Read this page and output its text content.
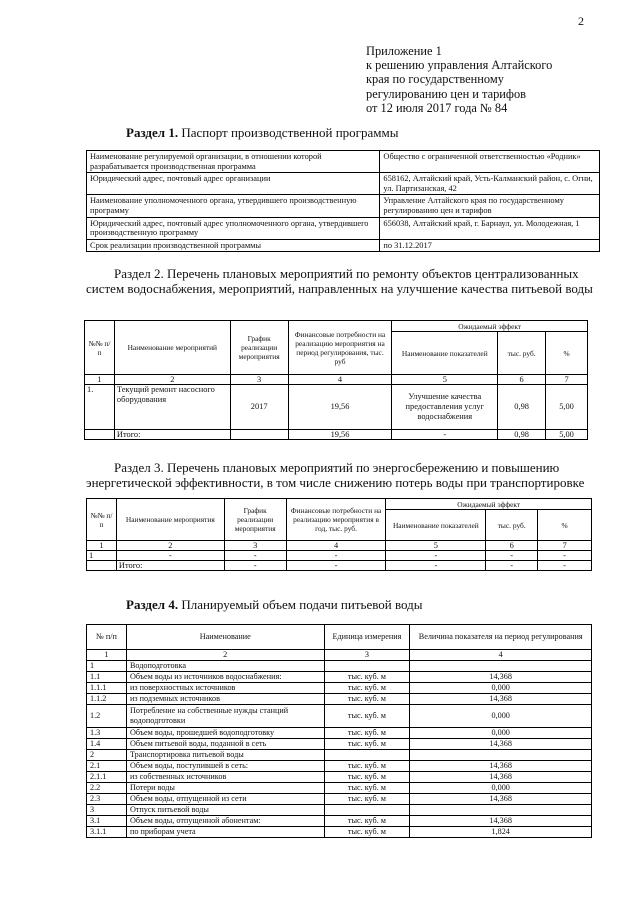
2
Приложение 1
к решению управления Алтайского
края по государственному
регулированию цен и тарифов
от 12 июля 2017 года № 84
Раздел 1. Паспорт производственной программы
Наименование регулируемой организации, в отношении которой разрабатывается производственная программа	Общество с ограниченной ответственностью «Родник»
Юридический адрес, почтовый адрес организации	658162, Алтайский край, Усть-Калманский район, с. Огни, ул. Партизанская, 42
Наименование уполномоченного органа, утвердившего производственную программу	Управление Алтайского края по государственному регулированию цен и тарифов
Юридический адрес, почтовый адрес уполномоченного органа, утвердившего производственную программу	656038, Алтайский край, г. Барнаул, ул. Молодежная, 1
Срок реализации производственной программы	по 31.12.2017
Раздел 2. Перечень плановых мероприятий по ремонту объектов централизованных систем водоснабжения, мероприятий, направленных на улучшение качества питьевой воды
№№ п/п	Наименование мероприятий	График реализации мероприятия	Финансовые потребности на реализацию мероприятия на период регулирования, тыс. руб	Ожидаемый эффект		
				Наименование показателей	тыс. руб.	%
1	2	3	4	5	6	7
1.	Текущий ремонт насосного оборудования	2017	19,56	Улучшение качества предоставления услуг водоснабжения	0,98	5,00
	Итого:		19,56	-	0,98	5,00
Раздел 3. Перечень плановых мероприятий по энергосбережению и повышению энергетической эффективности, в том числе снижению потерь воды при транспортировке
№№ п/п	Наименование мероприятия	График реализации мероприятия	Финансовые потребности на реализацию мероприятия в год, тыс. руб.	Ожидаемый эффект		
				Наименование показателей	тыс. руб.	%
1	2	3	4	5	6	7
1	-	-	-	-	-	-
	Итого:	-	-	-	-	-
Раздел 4. Планируемый объем подачи питьевой воды
№ п/п	Наименование	Единица измерения	Величина показателя на период регулирования
1	2	3	4
1	Водоподготовка		
1.1	Объем воды из источников водоснабжения:	тыс. куб. м	14,368
1.1.1	из поверхностных источников	тыс. куб. м	0,000
1.1.2	из подземных источников	тыс. куб. м	14,368
1.2	Потребление на собственные нужды станций водоподготовки	тыс. куб. м	0,000
1.3	Объем воды, прошедшей водоподготовку	тыс. куб. м	0,000
1.4	Объем питьевой воды, поданной в сеть	тыс. куб. м	14,368
2	Транспортировка питьевой воды		
2.1	Объем воды, поступившей в сеть:	тыс. куб. м	14,368
2.1.1	из собственных источников	тыс. куб. м	14,368
2.2	Потери воды	тыс. куб. м	0,000
2.3	Объем воды, отпущенной из сети	тыс. куб. м	14,368
3	Отпуск питьевой воды		
3.1	Объем воды, отпущенной абонентам:	тыс. куб. м	14,368
3.1.1	по приборам учета	тыс. куб. м	1,824
